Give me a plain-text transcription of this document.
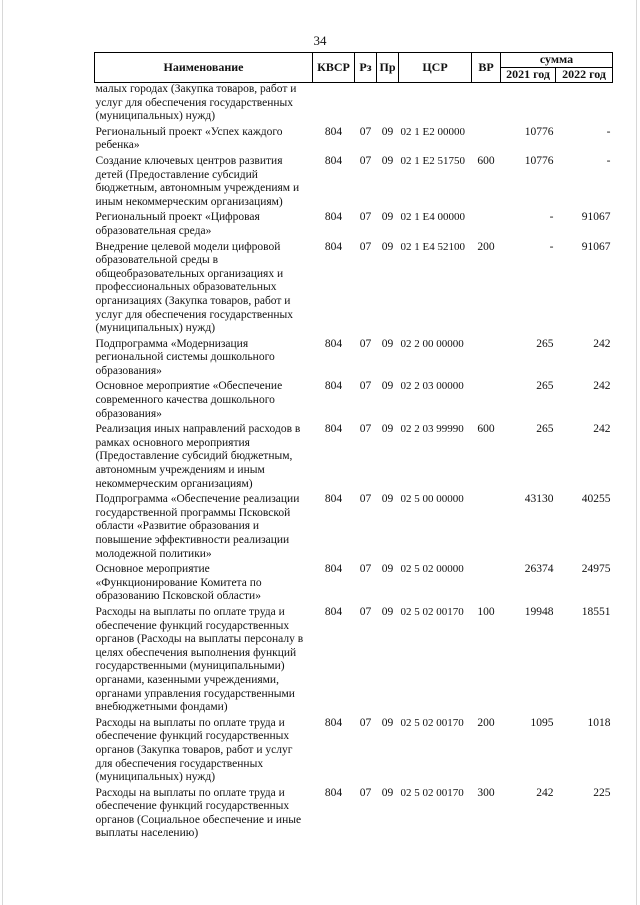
34
Наименование	КВСР	Рз	Пр	ЦСР	ВР	сумма	
						2021 год	2022 год
малых городах (Закупка товаров, работ и услуг для обеспечения государственных (муниципальных) нужд)							
Региональный проект «Успех каждого ребенка»	804	07	09	02 1 E2 00000		10776	-
Создание ключевых центров развития детей (Предоставление субсидий бюджетным, автономным учреждениям и иным некоммерческим организациям)	804	07	09	02 1 E2 51750	600	10776	-
Региональный проект «Цифровая образовательная среда»	804	07	09	02 1 E4 00000		-	91067
Внедрение целевой модели цифровой образовательной среды в общеобразовательных организациях и профессиональных образовательных организациях (Закупка товаров, работ и услуг для обеспечения государственных (муниципальных) нужд)	804	07	09	02 1 E4 52100	200	-	91067
Подпрограмма «Модернизация региональной системы дошкольного образования»	804	07	09	02 2 00 00000		265	242
Основное мероприятие «Обеспечение современного качества дошкольного образования»	804	07	09	02 2 03 00000		265	242
Реализация иных направлений расходов в рамках основного мероприятия (Предоставление субсидий бюджетным, автономным учреждениям и иным некоммерческим организациям)	804	07	09	02 2 03 99990	600	265	242
Подпрограмма «Обеспечение реализации государственной программы Псковской области «Развитие образования и повышение эффективности реализации молодежной политики»	804	07	09	02 5 00 00000		43130	40255
Основное мероприятие «Функционирование Комитета по образованию Псковской области»	804	07	09	02 5 02 00000		26374	24975
Расходы на выплаты по оплате труда и обеспечение функций государственных органов (Расходы на выплаты персоналу в целях обеспечения выполнения функций государственными (муниципальными) органами, казенными учреждениями, органами управления государственными внебюджетными фондами)	804	07	09	02 5 02 00170	100	19948	18551
Расходы на выплаты по оплате труда и обеспечение функций государственных органов (Закупка товаров, работ и услуг для обеспечения государственных (муниципальных) нужд)	804	07	09	02 5 02 00170	200	1095	1018
Расходы на выплаты по оплате труда и обеспечение функций государственных органов (Социальное обеспечение и иные выплаты населению)	804	07	09	02 5 02 00170	300	242	225
